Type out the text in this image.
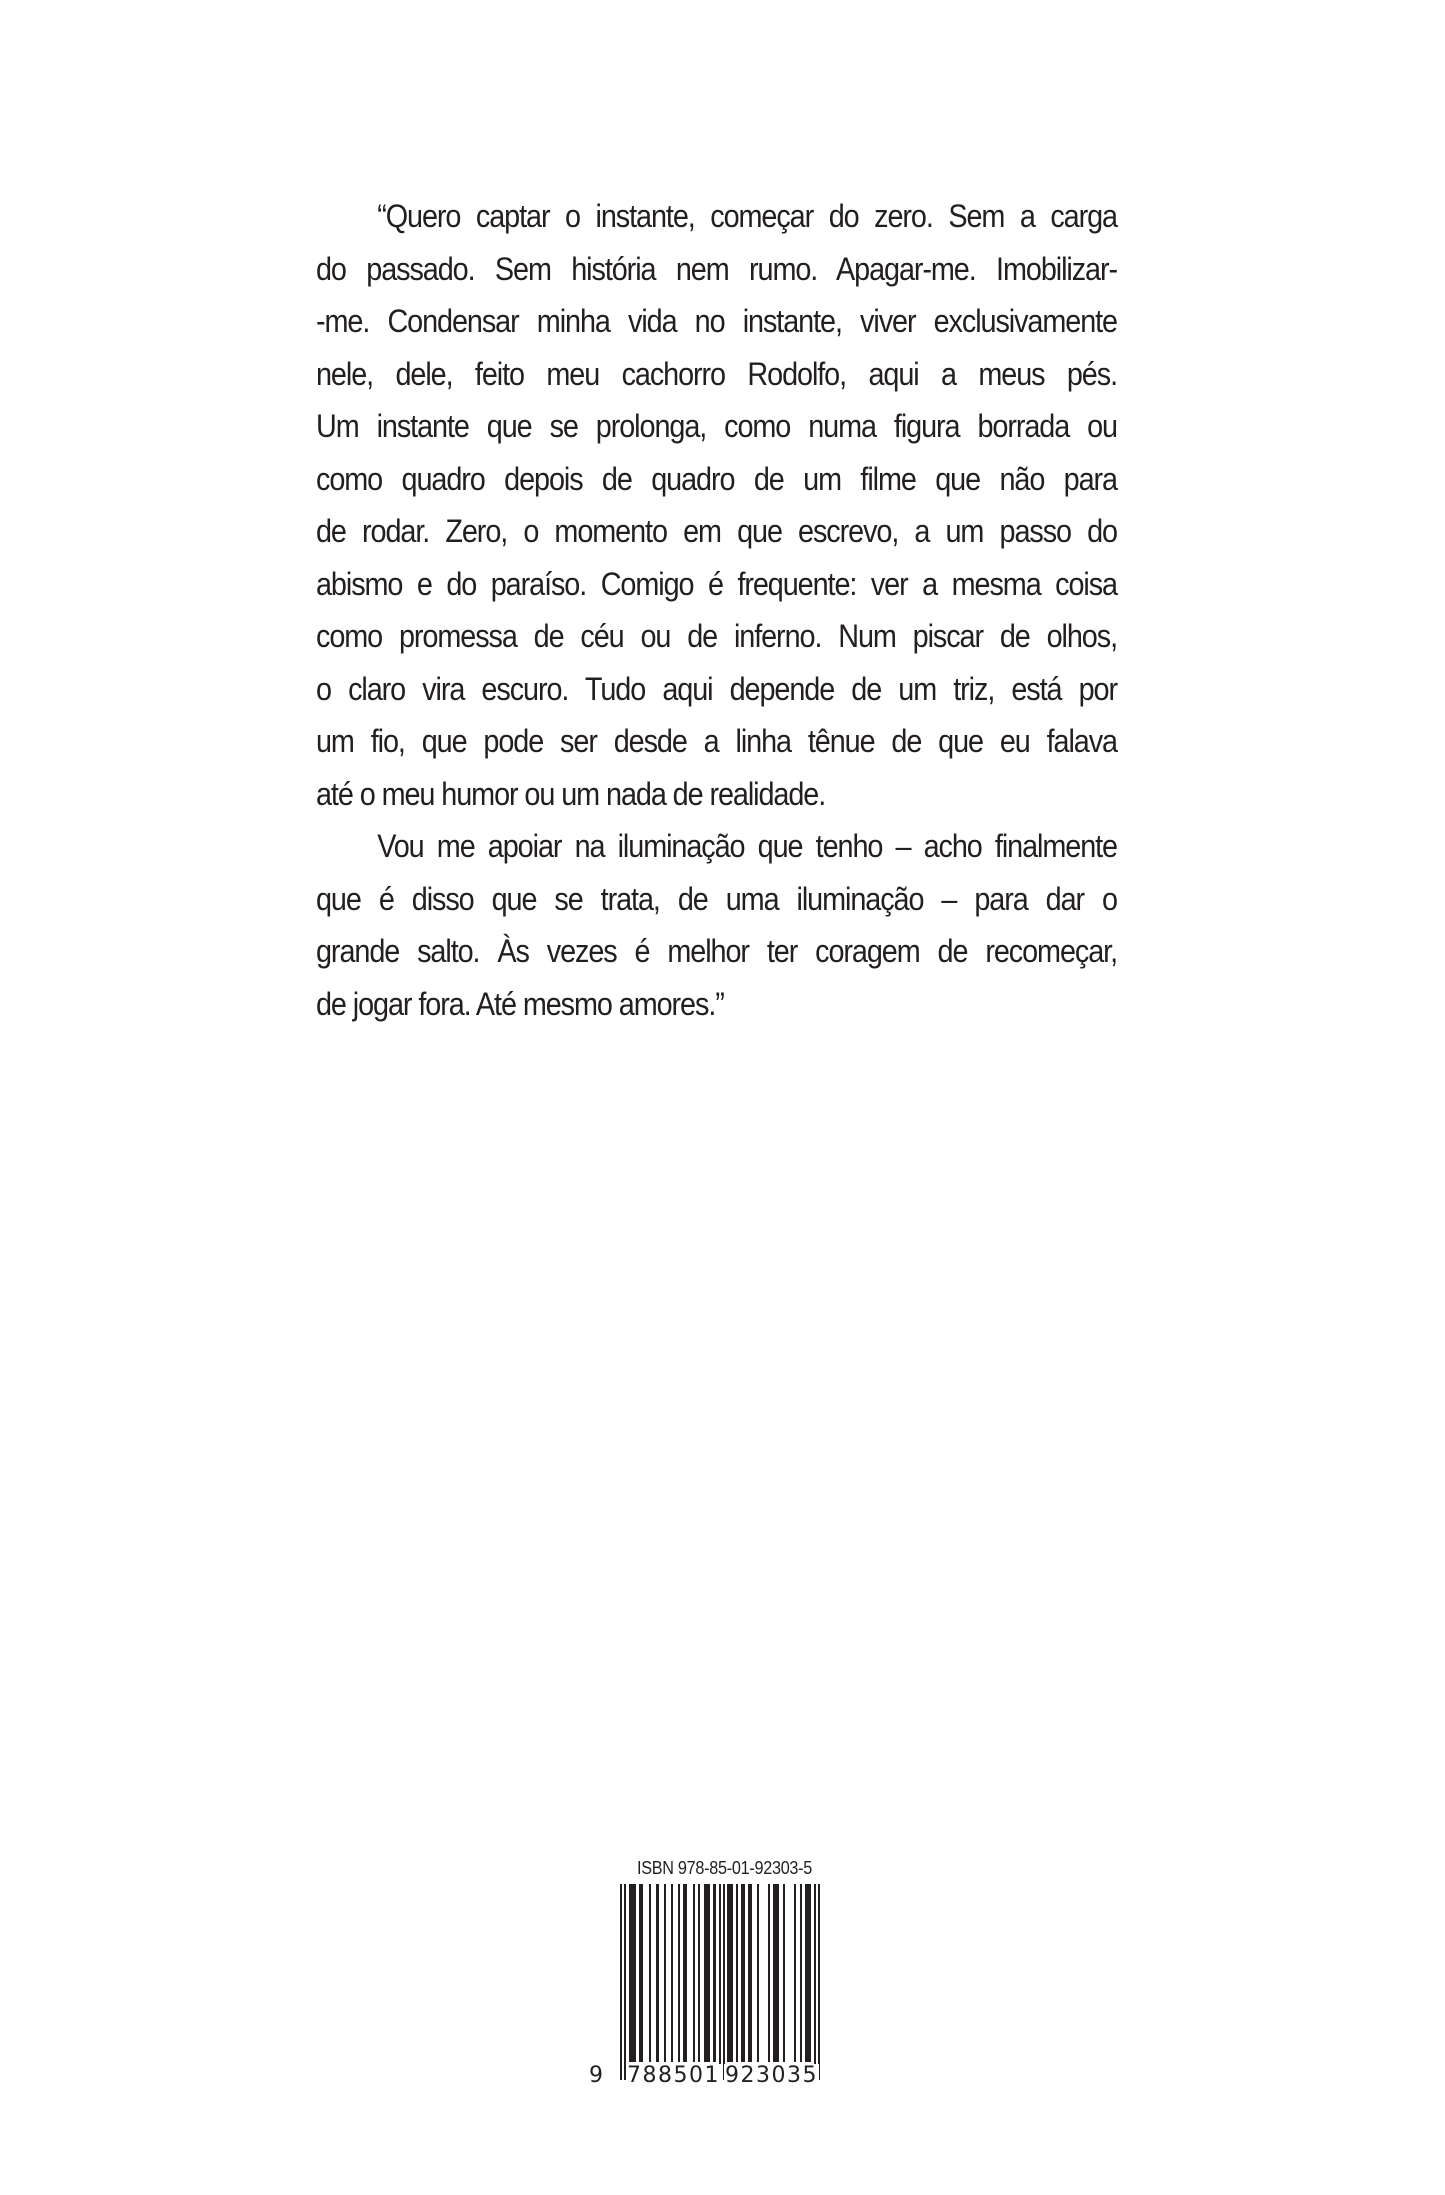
“Quero captar o instante, começar do zero. Sem a carga
do passado. Sem história nem rumo. Apagar-me. Imobilizar-
-me. Condensar minha vida no instante, viver exclusivamente
nele, dele, feito meu cachorro Rodolfo, aqui a meus pés.
Um instante que se prolonga, como numa figura borrada ou
como quadro depois de quadro de um filme que não para
de rodar. Zero, o momento em que escrevo, a um passo do
abismo e do paraíso. Comigo é frequente: ver a mesma coisa
como promessa de céu ou de inferno. Num piscar de olhos,
o claro vira escuro. Tudo aqui depende de um triz, está por
um fio, que pode ser desde a linha tênue de que eu falava
até o meu humor ou um nada de realidade.
Vou me apoiar na iluminação que tenho – acho finalmente
que é disso que se trata, de uma iluminação – para dar o
grande salto. Às vezes é melhor ter coragem de recomeçar,
de jogar fora. Até mesmo amores.”
ISBN 978-85-01-92303-5
9 788501 923035
